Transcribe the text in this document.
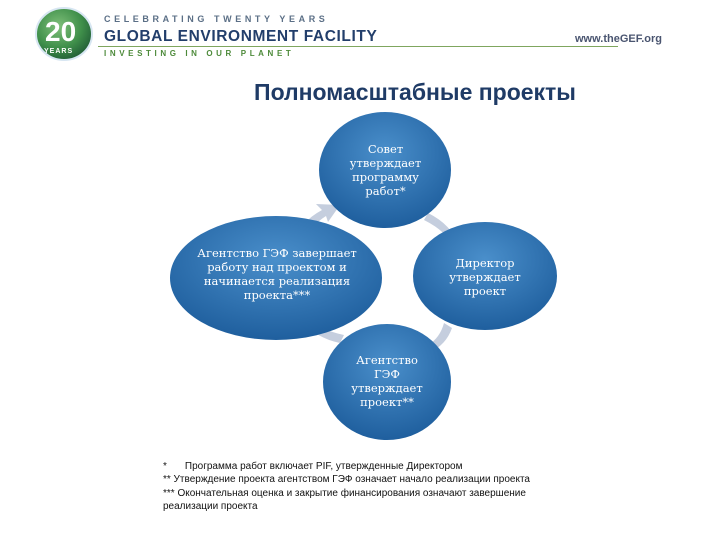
20
YEARS
CELEBRATING TWENTY YEARS
GLOBAL ENVIRONMENT FACILITY
INVESTING IN OUR PLANET
www.theGEF.org
Полномасштабные проекты
Совет утверждает программу работ*
Директор утверждает проект
Агентство ГЭФ утверждает проект**
Агентство ГЭФ завершает работу над проектом и начинается реализация проекта***
* Программа работ включает PIF, утвержденные Директором
** Утверждение проекта агентством ГЭФ означает начало реализации проекта
*** Окончательная оценка и закрытие финансирования означают завершение реализации проекта
